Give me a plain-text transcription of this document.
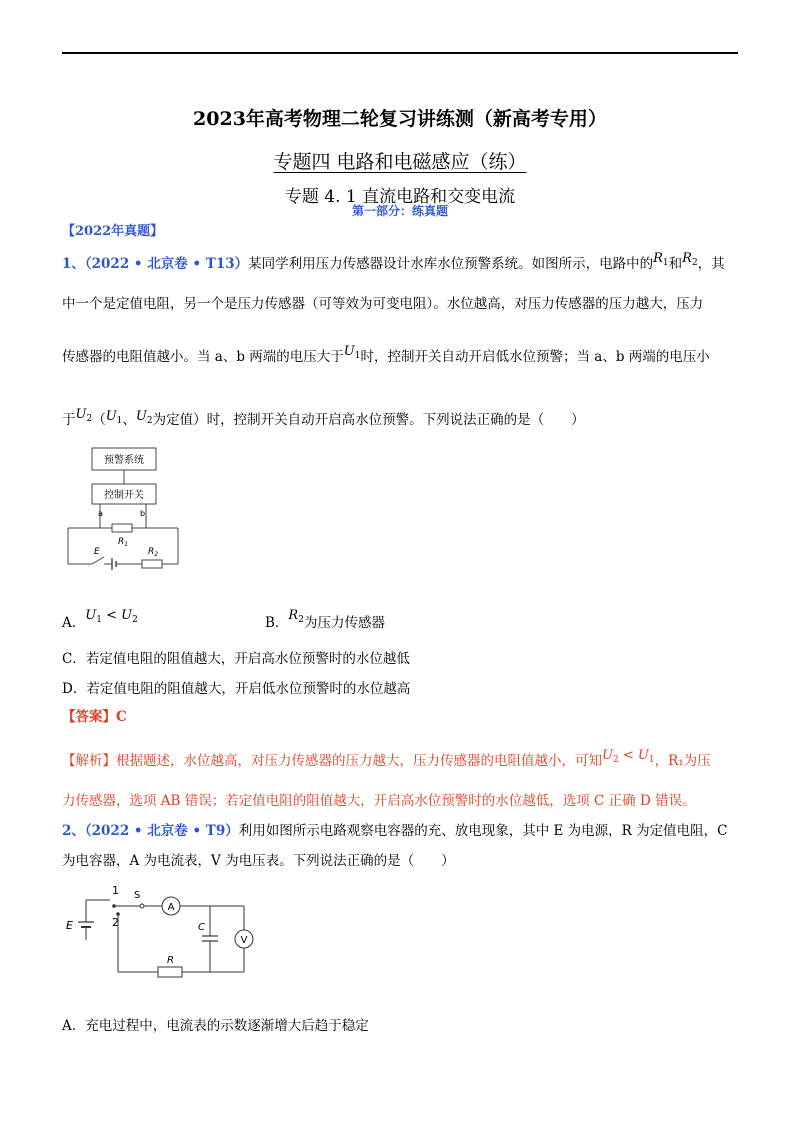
2023年高考物理二轮复习讲练测（新高考专用）
专题四 电路和电磁感应（练）
专题 4. 1 直流电路和交变电流
第一部分：练真题
【2022年真题】
1、（2022 • 北京卷 • T13）某同学利用压力传感器设计水库水位预警系统。如图所示，电路中的$R_1$和$R_2$，其
中一个是定值电阻，另一个是压力传感器（可等效为可变电阻）。水位越高，对压力传感器的压力越大，压力
传感器的电阻值越小。当 a、b 两端的电压大于$U_1$时，控制开关自动开启低水位预警；当 a、b 两端的电压小
于$U_2(U_1$、$U_2$为定值）时，控制开关自动开启高水位预警。下列说法正确的是（　　）
预警系统
控制开关
a	b
$R_1$
E	$R_2$
A．$U_1 < U_2$	B．$R_2$为压力传感器
C．若定值电阻的阻值越大，开启高水位预警时的水位越低
D．若定值电阻的阻值越大，开启低水位预警时的水位越高
【答案】C
【解析】根据题述，水位越高，对压力传感器的压力越大，压力传感器的电阻值越小，可知$U_2 < U_1$，R₁为压
力传感器，选项 AB 错误；若定值电阻的阻值越大，开启高水位预警时的水位越低，选项 C 正确 D 错误。
2、（2022 • 北京卷 • T9）利用如图所示电路观察电容器的充、放电现象，其中 E 为电源，R 为定值电阻，C
为电容器，A 为电流表，V 为电压表。下列说法正确的是（　　）
1 S
A
C
V
E	2
R
A．充电过程中，电流表的示数逐渐增大后趋于稳定
